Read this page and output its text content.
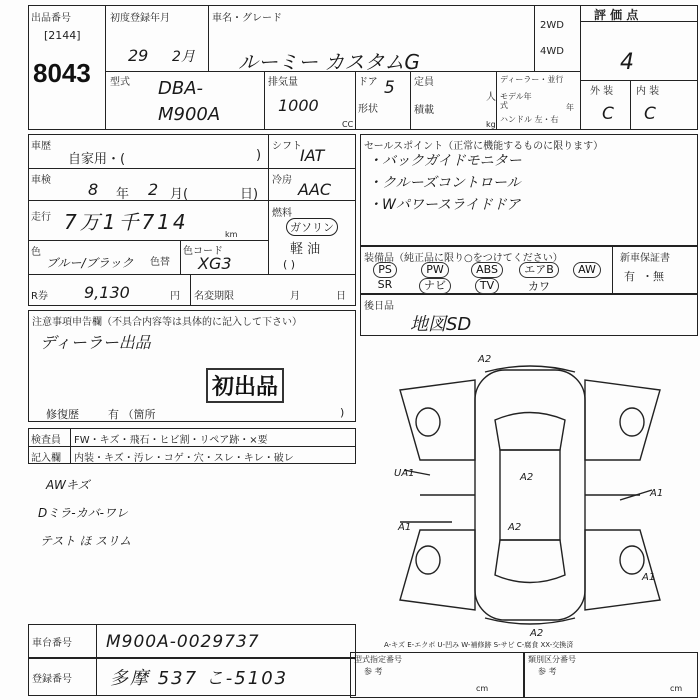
出品番号
[2144]
8043
初度登録年月
29 2月
車名・グレード
ルーミー カスタムG
2WD
4WD
評 価 点
4
外 装 内 装
C C
型式 DBA-
M900A
排気量
1000
CC
ドア 5
形状
定員
人
積載
kg
ディーラー・並行
モデル年式	年
ハンドル 左・右
車歴
自家用・(	)
シフト
IAT
車検 8 年 2 月(	日)
冷房 AAC
走行 7万1千714
km
燃料
ガソリン
軽 油
( )
色
ブルー/ブラック 色替
色コード
XG3
R券 9,130	円 名変期限	月	日
セールスポイント（正常に機能するものに限ります）
・バックガイドモニター
・クルーズコントロール
・Wパワースライドドア
装備品（純正品に限り○をつけてください）	新車保証書
有 ・無
PS	PW	ABS	エアB	AW
SR	ナビ	TV	カワ
後日品
地図SD
注意事項申告欄（不具合内容等は具体的に記入して下さい）
ディーラー出品
初出品
修復歴	有 （箇所	)
検査員
記入欄
FW・キズ・飛石・ヒビ割・リペア跡・×要
内装・キズ・汚レ・コゲ・穴・スレ・キレ・破レ
AWキズ
Dミラ-カバ-ワレ
テスト ほ スリム
A2
A2
A2
A1
A1
UA1
A1
A2
A-キズ E-エクボ U-凹み W-補修跡 S-サビ C-腐食 XX-交換済
車台番号 M900A-0029737
登録番号 多摩 537 こ-5103
型式指定番号
参 考
cm
類別区分番号
参 考
cm
